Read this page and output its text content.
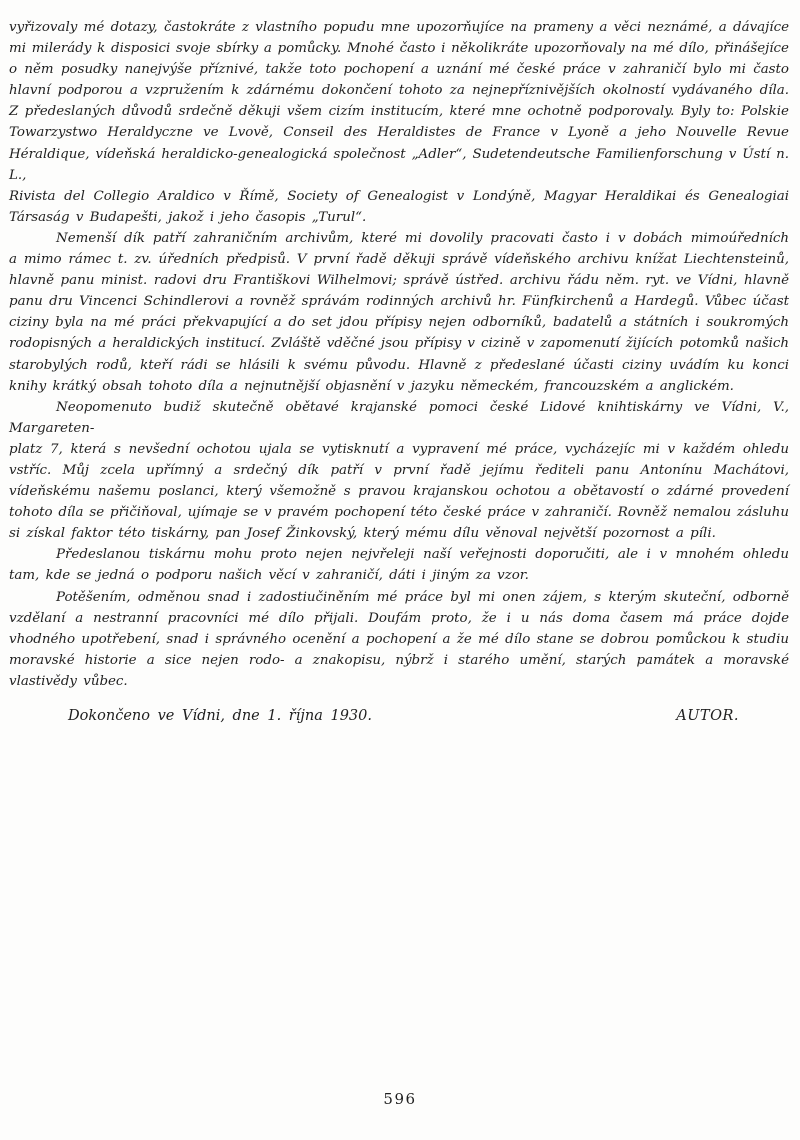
vyřizovaly mé dotazy, častokráte z vlastního popudu mne upozorňujíce na prameny a věci neznámé, a dávajíce
mi milerády k disposici svoje sbírky a pomůcky. Mnohé často i několikráte upozorňovaly na mé dílo, přinášejíce
o něm posudky nanejvýše příznivé, takže toto pochopení a uznání mé české práce v zahraničí bylo mi často
hlavní podporou a vzpružením k zdárnému dokončení tohoto za nejnepříznivějších okolností vydávaného díla.
Z předeslaných důvodů srdečně děkuji všem cizím institucím, které mne ochotně podporovaly. Byly to: Polskie
Towarzystwo Heraldyczne ve Lvově, Conseil des Heraldistes de France v Lyoně a jeho Nouvelle Revue
Héraldique, vídeňská heraldicko-genealogická společnost „Adler“, Sudetendeutsche Familienforschung v Ústí n. L.,
Rivista del Collegio Araldico v Římě, Society of Genealogist v Londýně, Magyar Heraldikai és Genealogiai
Társaság v Budapešti, jakož i jeho časopis „Turul“.
Nemenší dík patří zahraničním archivům, které mi dovolily pracovati často i v dobách mimoúředních
a mimo rámec t. zv. úředních předpisů. V první řadě děkuji správě vídeňského archivu knížat Liechtensteinů,
hlavně panu minist. radovi dru Františkovi Wilhelmovi; správě ústřed. archivu řádu něm. ryt. ve Vídni, hlavně
panu dru Vincenci Schindlerovi a rovněž správám rodinných archivů hr. Fünfkirchenů a Hardegů. Vůbec účast
ciziny byla na mé práci překvapující a do set jdou přípisy nejen odborníků, badatelů a státních i soukromých
rodopisných a heraldických institucí. Zvláště vděčné jsou přípisy v cizině v zapomenutí žijících potomků našich
starobylých rodů, kteří rádi se hlásili k svému původu. Hlavně z předeslané účasti ciziny uvádím ku konci
knihy krátký obsah tohoto díla a nejnutnější objasnění v jazyku německém, francouzském a anglickém.
Neopomenuto budiž skutečně obětavé krajanské pomoci české Lidové knihtiskárny ve Vídni, V., Margareten-
platz 7, která s nevšední ochotou ujala se vytisknutí a vypravení mé práce, vycházejíc mi v každém ohledu
vstříc. Můj zcela upřímný a srdečný dík patří v první řadě jejímu řediteli panu Antonínu Machátovi,
vídeňskému našemu poslanci, který všemožně s pravou krajanskou ochotou a obětavostí o zdárné provedení
tohoto díla se přičiňoval, ujímaje se v pravém pochopení této české práce v zahraničí. Rovněž nemalou zásluhu
si získal faktor této tiskárny, pan Josef Žinkovský, který mému dílu věnoval největší pozornost a píli.
Předeslanou tiskárnu mohu proto nejen nejvřeleji naší veřejnosti doporučiti, ale i v mnohém ohledu
tam, kde se jedná o podporu našich věcí v zahraničí, dáti i jiným za vzor.
Potěšením, odměnou snad i zadostiučiněním mé práce byl mi onen zájem, s kterým skuteční, odborně
vzdělaní a nestranní pracovníci mé dílo přijali. Doufám proto, že i u nás doma časem má práce dojde
vhodného upotřebení, snad i správného ocenění a pochopení a že mé dílo stane se dobrou pomůckou k studiu
moravské historie a sice nejen rodo- a znakopisu, nýbrž i starého umění, starých památek a moravské
vlastivědy vůbec.
Dokončeno ve Vídni, dne 1. října 1930.	AUTOR.
596
